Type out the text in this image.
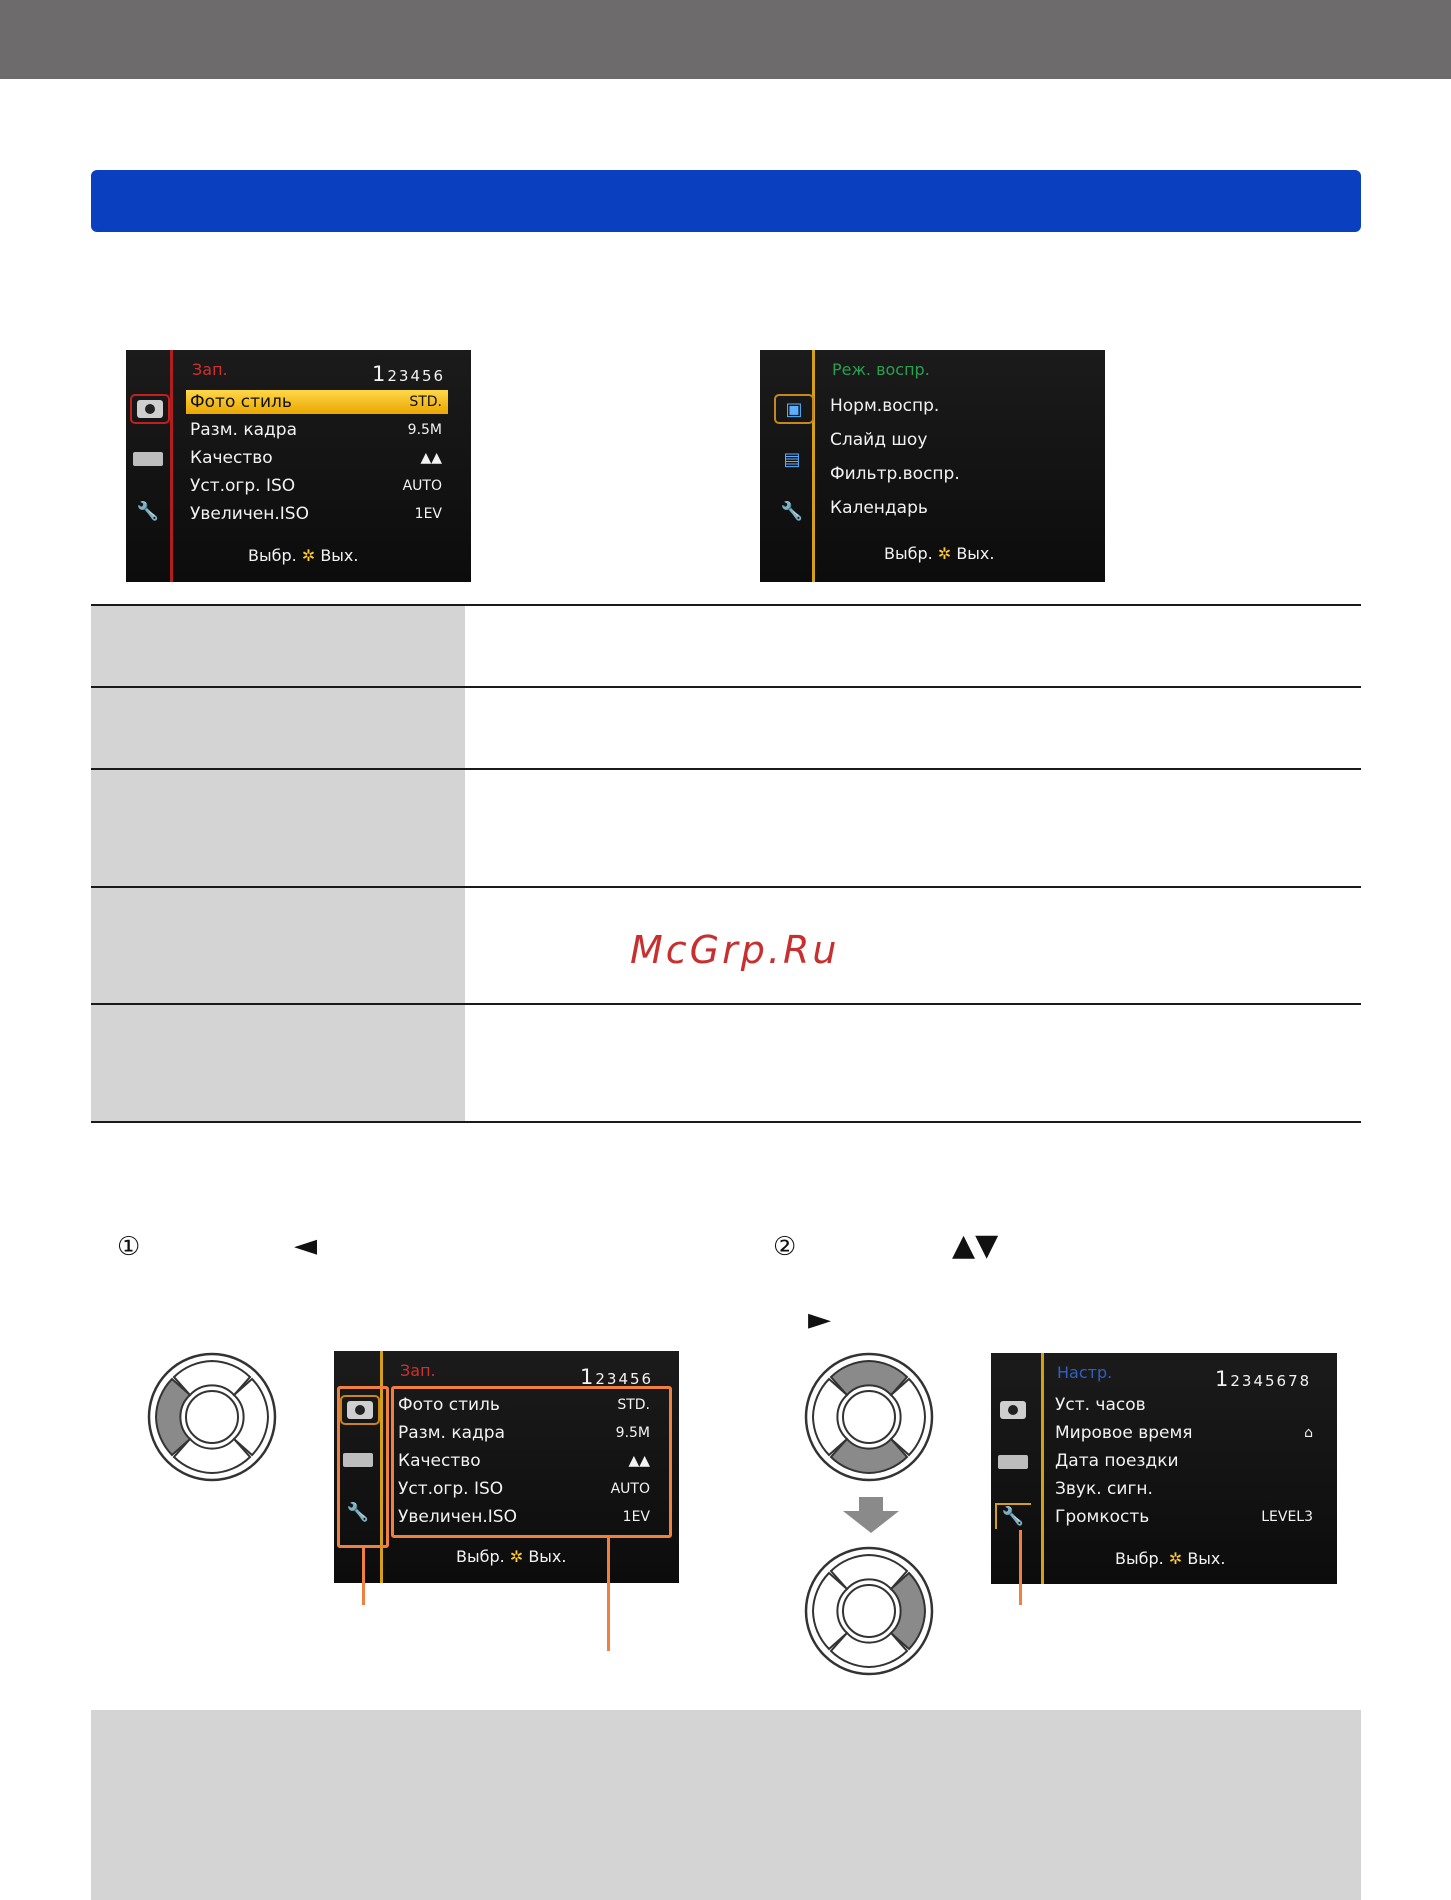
Зап.	123456
🔧
Фото стиль	STD.
Разм. кадра	9.5M
Качество	▲▲
Уст.огр. ISO	AUTO
Увеличен.ISO	1EV
Выбр. ✲ Вых.
Реж. воспр.
▣
▤
🔧
Норм.воспр.
Слайд шоу
Фильтр.воспр.
Календарь
Выбр. ✲ Вых.
McGrp.Ru
①	◄	②	▲▼
►
Зап.	123456
🔧
Фото стиль	STD.
Разм. кадра	9.5M
Качество	▲▲
Уст.огр. ISO	AUTO
Увеличен.ISO	1EV
Выбр. ✲ Вых.
Настр.	12345678
🔧
Уст. часов
Мировое время	⌂
Дата поездки
Звук. сигн.
Громкость	LEVEL3
Выбр. ✲ Вых.
